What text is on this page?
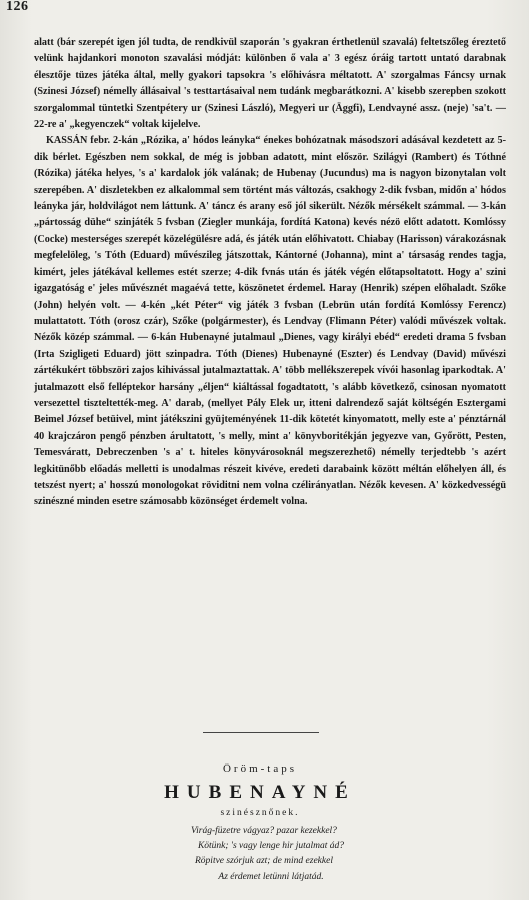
126

alatt (bár szerepét igen jól tudta, de rendkivül szaporán 's gyakran érthetlenül szavalá) feltetszőleg éreztető velünk hajdankori monoton szavalási módját: különben ő vala a' 3 egész óráig tartott untató darabnak élesztője tüzes játéka által, melly gyakori tapsokra 's előhivásra méltatott. A' szorgalmas Fáncsy urnak (Szinesi József) némelly állásaival 's testtartásaival nem tudánk megbarátkozni. A' kisebb szerepben szokott szorgalommal tüntetki Szentpétery ur (Szinesi László), Megyeri ur (Äggfi), Lendvayné assz. (neje) 'sa't. — 22-re a' „kegyenczek“ voltak kijelelve.

KASSÁN febr. 2-kán „Rózika, a' hódos leányka“ énekes bohózatnak másodszori adásával kezdetett az 5-dik bérlet. Egészben nem sokkal, de még is jobban adatott, mint először. Szilágyi (Rambert) és Tóthné (Rózika) játéka helyes, 's a' kardalok jók valának; de Hubenay (Jucundus) ma is nagyon bizonytalan volt szerepében. A' diszletekben ez alkalommal sem történt más változás, csakhogy 2-dik fvsban, midőn a' hódos leányka jár, holdvilágot nem láttunk. A' táncz és arany eső jól sikerült. Nézők mérsékelt számmal. — 3-kán „pártosság dühe“ szinjáték 5 fvsban (Ziegler munkája, fordítá Katona) kevés nézö előtt adatott. Komlóssy (Cocke) mesterséges szerepét közelégülésre adá, és játék után előhivatott. Chiabay (Harisson) várakozásnak megfelelöleg, 's Tóth (Eduard) művészileg játszottak, Kántorné (Johanna), mint a' társaság rendes tagja, kimért, jeles játékával kellemes estét szerze; 4-dik fvnás után és játék végén előtapsoltatott. Hogy a' szini igazgatóság e' jeles művésznét magaévá tette, köszönetet érdemel. Haray (Henrik) szépen előhaladt. Szőke (John) helyén volt. — 4-kén „két Péter“ vig játék 3 fvsban (Lebrün után fordítá Komlóssy Ferencz) mulattatott. Tóth (orosz czár), Szőke (polgármester), és Lendvay (Flimann Péter) valódi művészek voltak. Nézők közép számmal. — 6-kán Hubenayné jutalmaul „Dienes, vagy királyi ebéd“ eredeti drama 5 fvsban (Irta Szigligeti Eduard) jött szinpadra. Tóth (Dienes) Hubenayné (Eszter) és Lendvay (David) művészi zártékukért többszöri zajos kihivással jutalmaztattak. A' több mellékszerepek vívói hasonlag iparkodtak. A' jutalmazott első felléptekor harsány „éljen“ kiáltással fogadtatott, 's alább következő, csinosan nyomatott versezettel tiszteltették-meg. A' darab, (mellyet Pály Elek ur, itteni dalrendező saját költségén Esztergami Beimel József betüivel, mint játékszini gyüjteményének 11-dik kötetét kinyomatott, melly este a' pénztárnál 40 krajczáron pengő pénzben árultatott, 's melly, mint a' könyvboritékján jegyezve van, Győrött, Pesten, Temesváratt, Debreczenben 's a' t. hiteles könyvárosoknál megszerezhető) némelly terjedtebb 's azért legkitünőbb előadás melletti is unodalmas részeit kivéve, eredeti darabaink között méltán előhelyen áll, és tetszést nyert; a' hosszú monologokat röviditni nem volna czélirányatlan. Nézők kevesen. A' közkedvességü szinészné minden esetre számosabb közönséget érdemelt volna.

Öröm-taps

HUBENAYNÉ

szinésznőnek.

Virág-füzetre vágyaz? pazar kezekkel?

Kötünk; 's vagy lenge hir jutalmat ád?

Röpitve szórjuk azt; de mind ezekkel

Az érdemet letünni látjatád.
